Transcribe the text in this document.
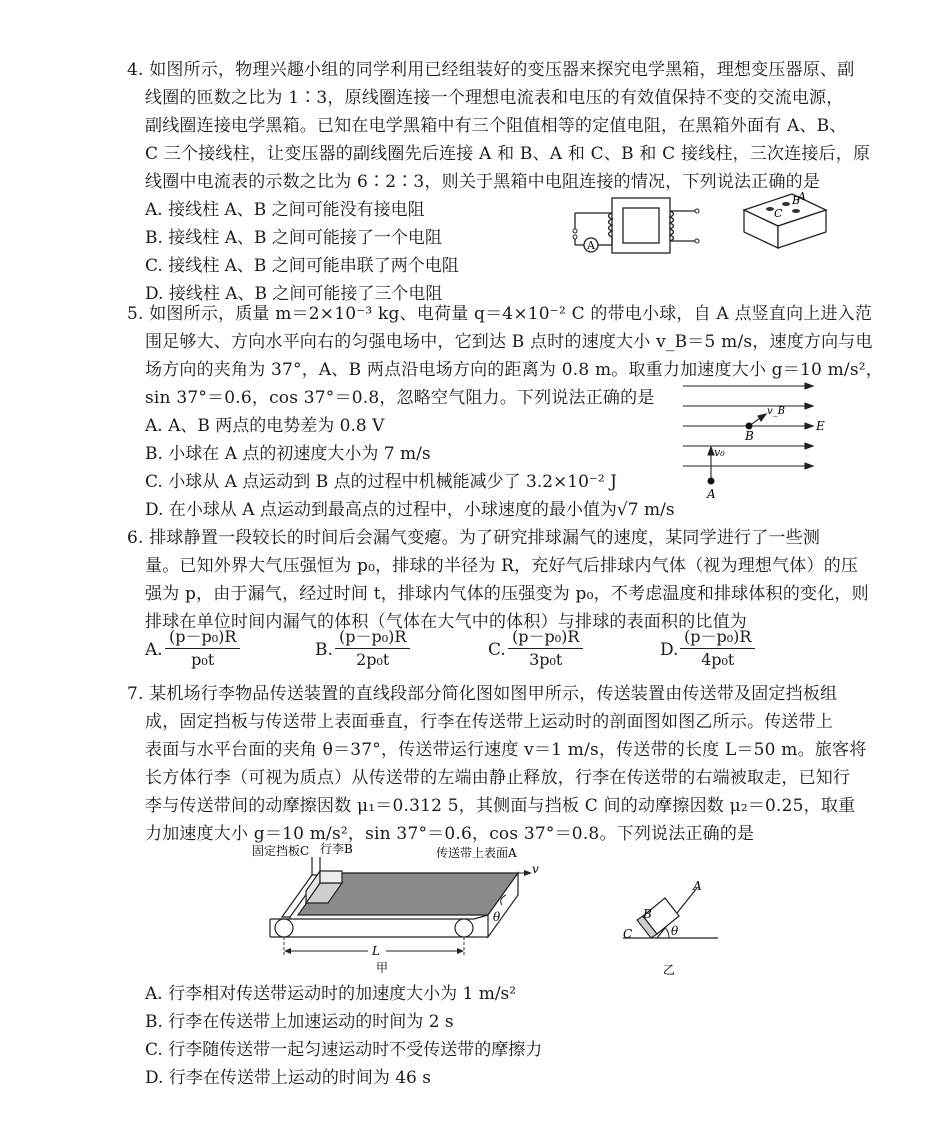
4. 如图所示，物理兴趣小组的同学利用已经组装好的变压器来探究电学黑箱，理想变压器原、副
线圈的匝数之比为 1∶3，原线圈连接一个理想电流表和电压的有效值保持不变的交流电源，
副线圈连接电学黑箱。已知在电学黑箱中有三个阻值相等的定值电阻，在黑箱外面有 A、B、
C 三个接线柱，让变压器的副线圈先后连接 A 和 B、A 和 C、B 和 C 接线柱，三次连接后，原
线圈中电流表的示数之比为 6∶2∶3，则关于黑箱中电阻连接的情况，下列说法正确的是
A. 接线柱 A、B 之间可能没有接电阻
B. 接线柱 A、B 之间可能接了一个电阻
C. 接线柱 A、B 之间可能串联了两个电阻
D. 接线柱 A、B 之间可能接了三个电阻
A
B
A
C
5. 如图所示，质量 m＝2×10⁻³ kg、电荷量 q＝4×10⁻² C 的带电小球，自 A 点竖直向上进入范
围足够大、方向水平向右的匀强电场中，它到达 B 点时的速度大小 v_B＝5 m/s，速度方向与电
场方向的夹角为 37°，A、B 两点沿电场方向的距离为 0.8 m。取重力加速度大小 g＝10 m/s²，
sin 37°＝0.6，cos 37°＝0.8，忽略空气阻力。下列说法正确的是
A. A、B 两点的电势差为 0.8 V
B. 小球在 A 点的初速度大小为 7 m/s
C. 小球从 A 点运动到 B 点的过程中机械能减少了 3.2×10⁻² J
D. 在小球从 A 点运动到最高点的过程中，小球速度的最小值为√7 m/s
B
A
E
v₀
v_B
6. 排球静置一段较长的时间后会漏气变瘪。为了研究排球漏气的速度，某同学进行了一些测
量。已知外界大气压强恒为 p₀，排球的半径为 R，充好气后排球内气体（视为理想气体）的压
强为 p，由于漏气，经过时间 t，排球内气体的压强变为 p₀，不考虑温度和排球体积的变化，则
排球在单位时间内漏气的体积（气体在大气中的体积）与排球的表面积的比值为
A. $\frac{\text{(p－p₀)R}}{\text{p₀t}}$	B. $\frac{\text{(p－p₀)R}}{\text{2p₀t}}$	C. $\frac{\text{(p－p₀)R}}{\text{3p₀t}}$	D. $\frac{\text{(p－p₀)R}}{\text{4p₀t}}$
7. 某机场行李物品传送装置的直线段部分简化图如图甲所示，传送装置由传送带及固定挡板组
成，固定挡板与传送带上表面垂直，行李在传送带上运动时的剖面图如图乙所示。传送带上
表面与水平台面的夹角 θ＝37°，传送带运行速度 v＝1 m/s，传送带的长度 L＝50 m。旅客将
长方体行李（可视为质点）从传送带的左端由静止释放，行李在传送带的右端被取走，已知行
李与传送带间的动摩擦因数 μ₁＝0.312 5，其侧面与挡板 C 间的动摩擦因数 μ₂＝0.25，取重
力加速度大小 g＝10 m/s²，sin 37°＝0.6，cos 37°＝0.8。下列说法正确的是
θ
v
L
固定挡板C 行李B	传送带上表面A
甲
B
A
C	θ
乙
A. 行李相对传送带运动时的加速度大小为 1 m/s²
B. 行李在传送带上加速运动的时间为 2 s
C. 行李随传送带一起匀速运动时不受传送带的摩擦力
D. 行李在传送带上运动的时间为 46 s
